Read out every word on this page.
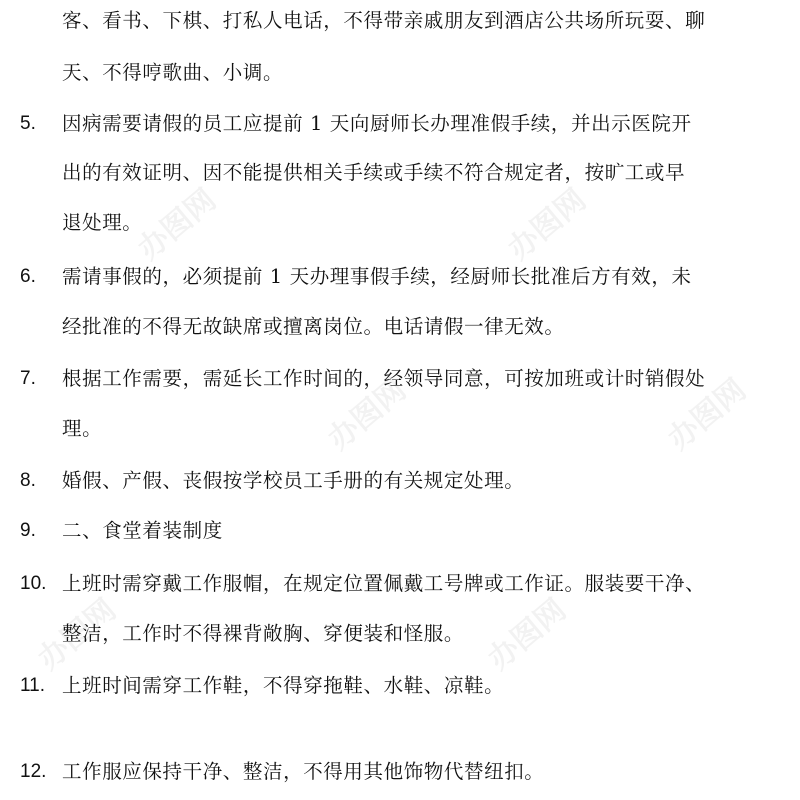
办图网	办图网
办图网	办图网
办图网	办图网
客、看书、下棋、打私人电话，不得带亲戚朋友到酒店公共场所玩耍、聊
天、不得哼歌曲、小调。
5. 因病需要请假的员工应提前 1 天向厨师长办理准假手续，并出示医院开
出的有效证明、因不能提供相关手续或手续不符合规定者，按旷工或早
退处理。
6. 需请事假的，必须提前 1 天办理事假手续，经厨师长批准后方有效，未
经批准的不得无故缺席或擅离岗位。电话请假一律无效。
7. 根据工作需要，需延长工作时间的，经领导同意，可按加班或计时销假处
理。
8. 婚假、产假、丧假按学校员工手册的有关规定处理。
9. 二、食堂着装制度
10. 上班时需穿戴工作服帽，在规定位置佩戴工号牌或工作证。服装要干净、
整洁，工作时不得裸背敞胸、穿便装和怪服。
11. 上班时间需穿工作鞋，不得穿拖鞋、水鞋、凉鞋。
12. 工作服应保持干净、整洁，不得用其他饰物代替纽扣。
